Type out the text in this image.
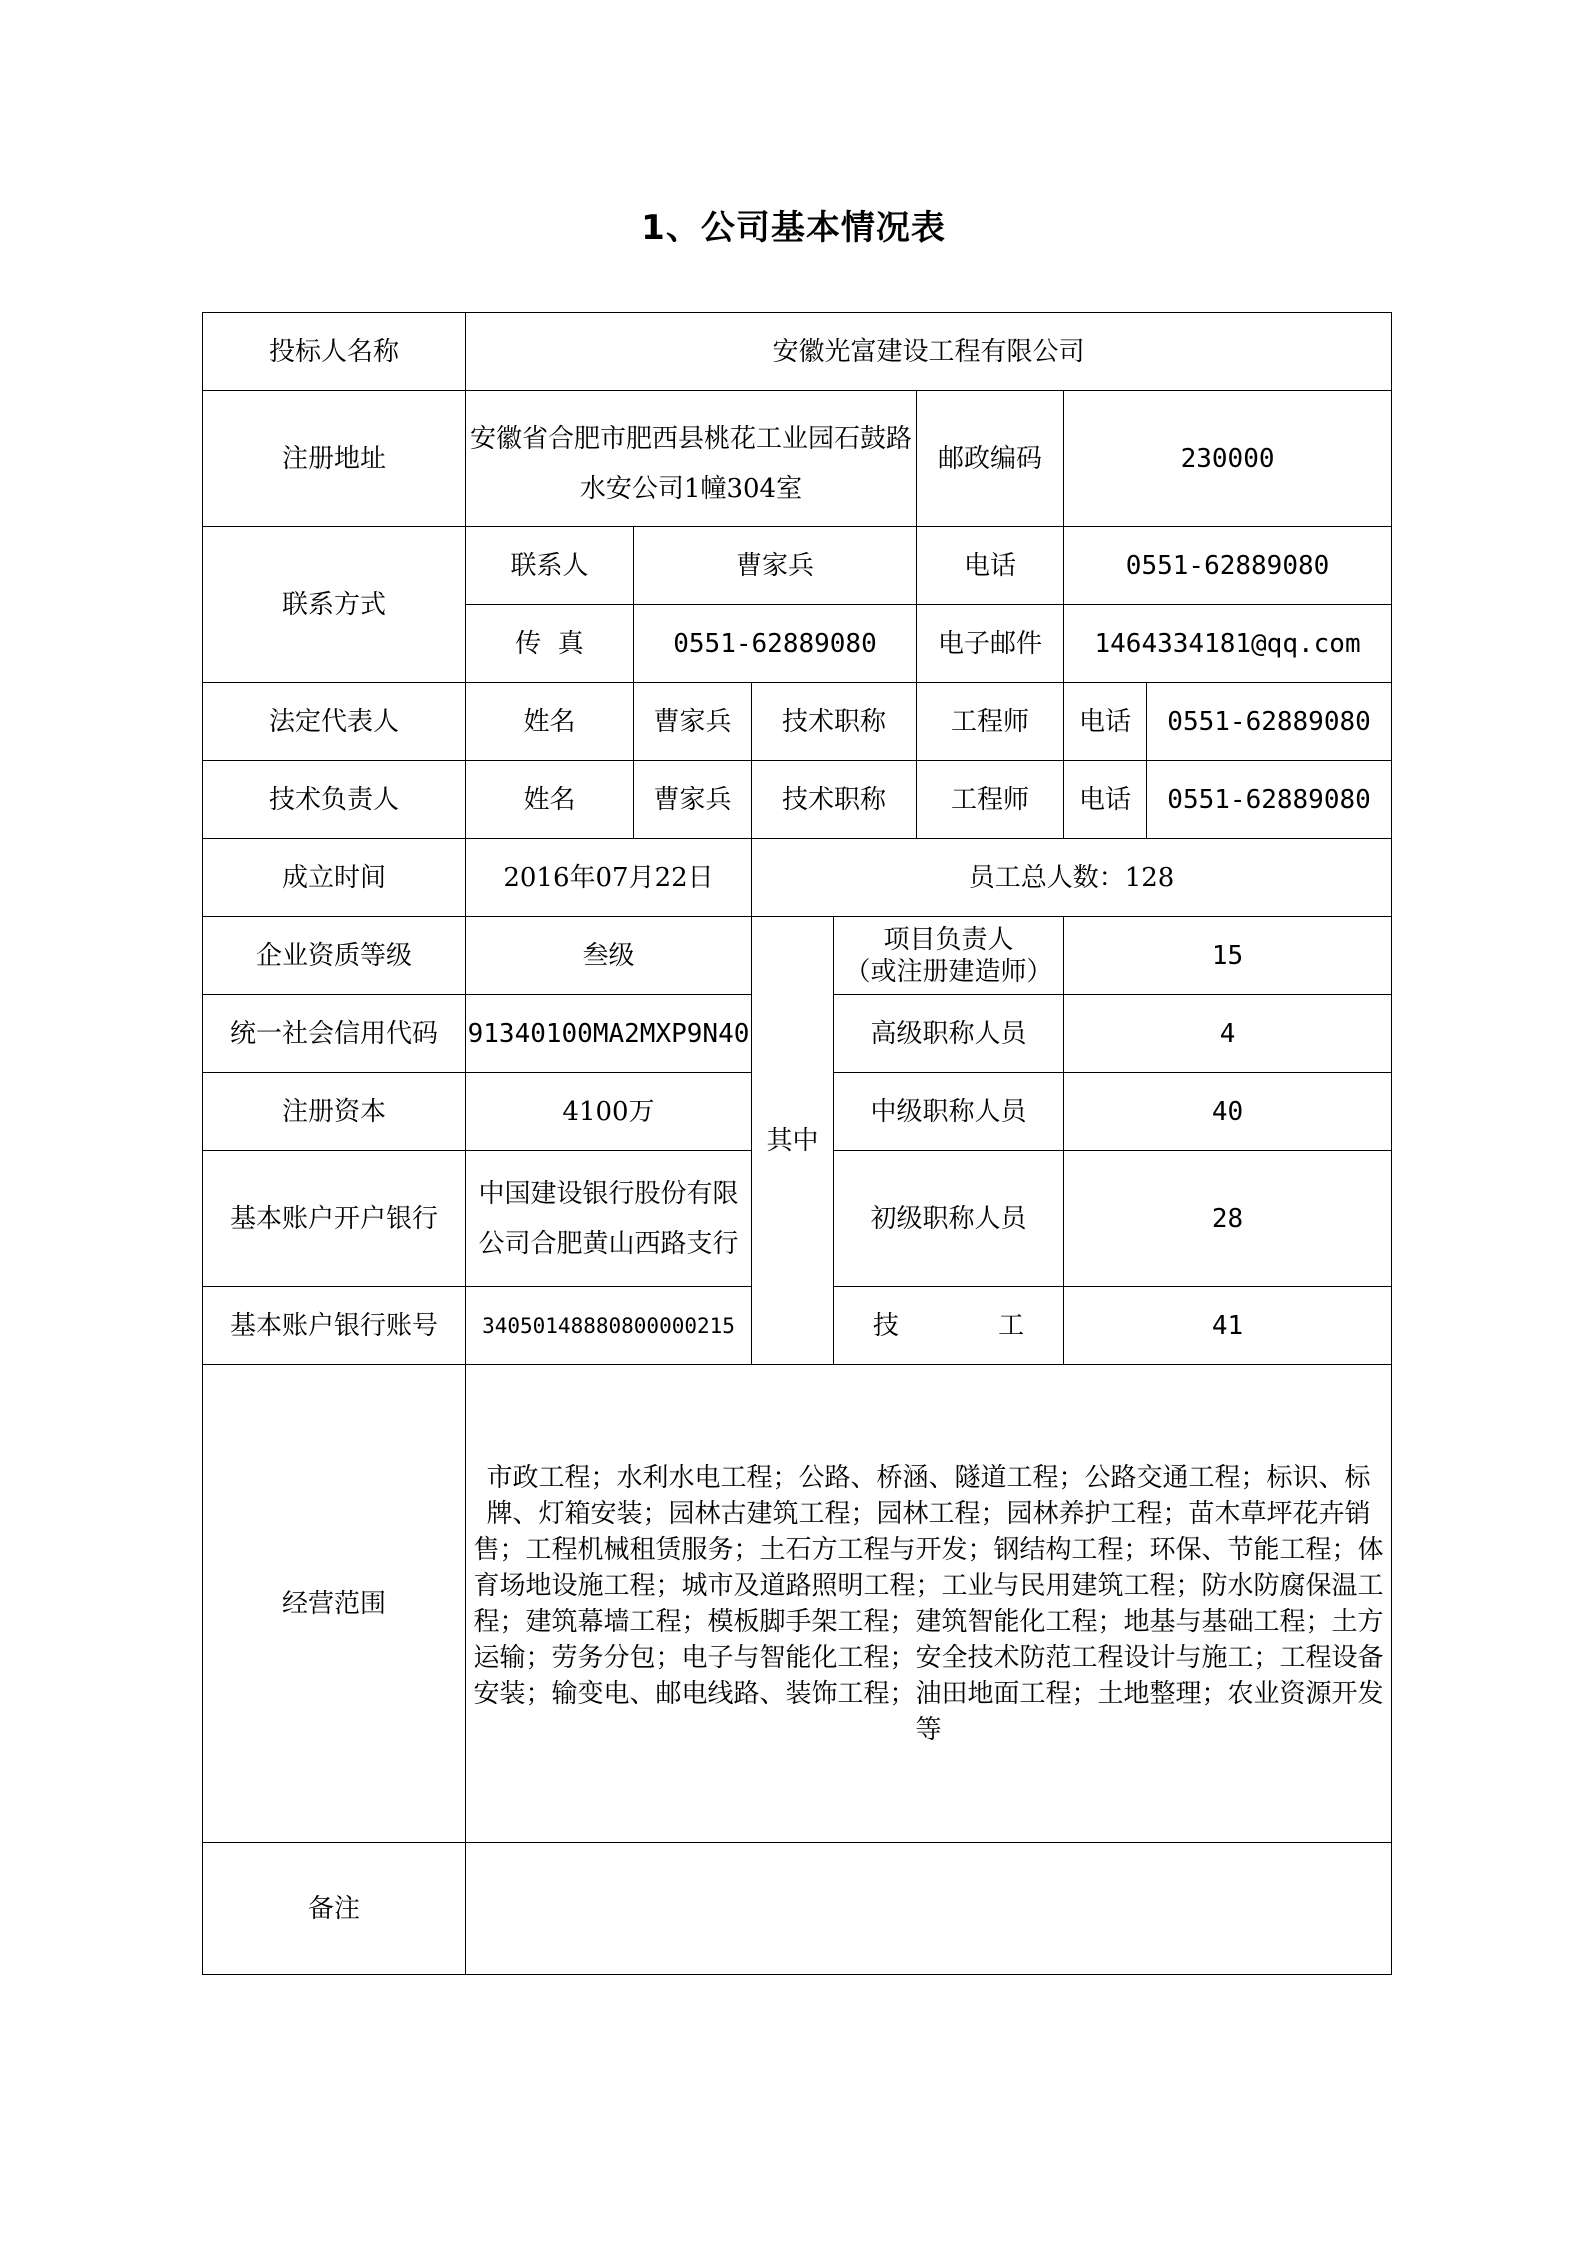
1、公司基本情况表
投标人名称	安徽光富建设工程有限公司						
注册地址	安徽省合肥市肥西县桃花工业园石鼓路
水安公司1幢304室				邮政编码	230000	
联系方式	联系人	曹家兵			电话	0551-62889080	
	传  真	0551-62889080			电子邮件	1464334181@qq.com	
法定代表人	姓名	曹家兵	技术职称		工程师	电话	0551-62889080
技术负责人	姓名	曹家兵	技术职称		工程师	电话	0551-62889080
成立时间	2016年07月22日		员工总人数：128				
企业资质等级	叁级		其中	项目负责人
（或注册建造师）		15	
统一社会信用代码	91340100MA2MXP9N40			高级职称人员		4	
注册资本	4100万			中级职称人员		40	
基本账户开户银行	中国建设银行股份有限
公司合肥黄山西路支行			初级职称人员		28	
基本账户银行账号	34050148880800000215			技            工		41	
经营范围	市政工程；水利水电工程；公路、桥涵、隧道工程；公路交通工程；标识、标牌、灯箱安装；园林古建筑工程；园林工程；园林养护工程；苗木草坪花卉销售；工程机械租赁服务；土石方工程与开发；钢结构工程；环保、节能工程；体育场地设施工程；城市及道路照明工程；工业与民用建筑工程；防水防腐保温工程；建筑幕墙工程；模板脚手架工程；建筑智能化工程；地基与基础工程；土方运输；劳务分包；电子与智能化工程；安全技术防范工程设计与施工；工程设备安装；输变电、邮电线路、装饰工程；油田地面工程；土地整理；农业资源开发等						
备注							
